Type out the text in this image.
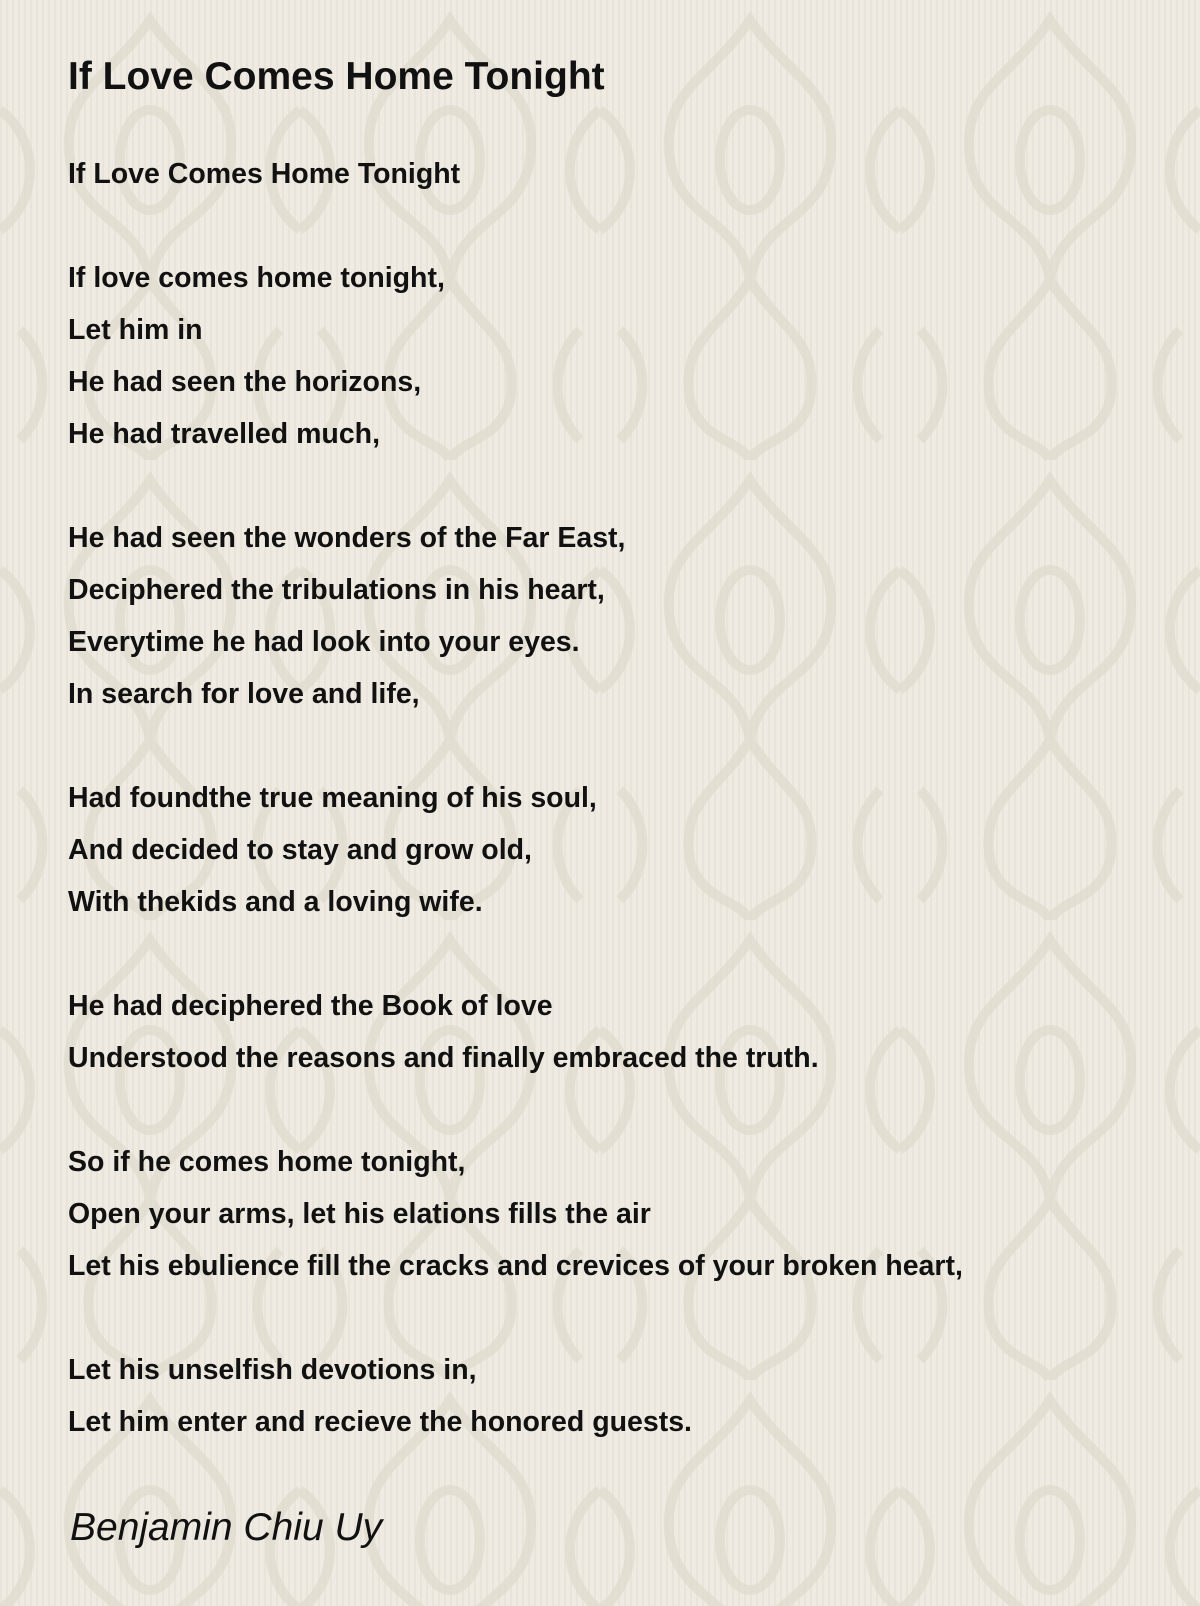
If Love Comes Home Tonight
If Love Comes Home Tonight
If love comes home tonight,
Let him in
He had seen the horizons,
He had travelled much,
He had seen the wonders of the Far East,
Deciphered the tribulations in his heart,
Everytime he had look into your eyes.
In search for love and life,
Had foundthe true meaning of his soul,
And decided to stay and grow old,
With thekids and a loving wife.
He had deciphered the Book of love
Understood the reasons and finally embraced the truth.
So if he comes home tonight,
Open your arms, let his elations fills the air
Let his ebulience fill the cracks and crevices of your broken heart,
Let his unselfish devotions in,
Let him enter and recieve the honored guests.
Benjamin Chiu Uy
